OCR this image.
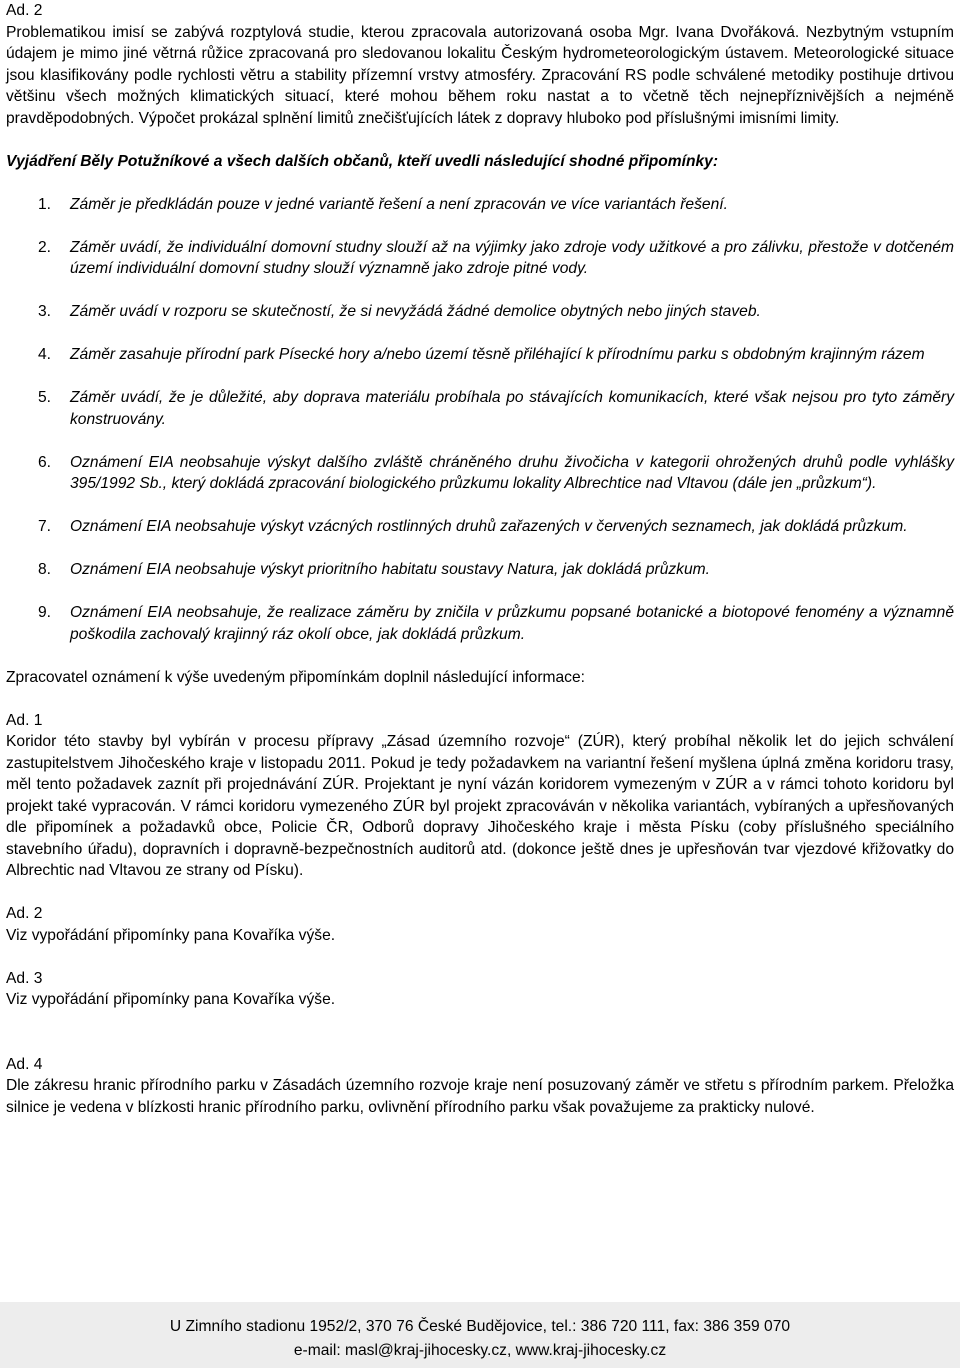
Ad. 2

Problematikou imisí se zabývá rozptylová studie, kterou zpracovala autorizovaná osoba Mgr. Ivana Dvořáková. Nezbytným vstupním údajem je mimo jiné větrná růžice zpracovaná pro sledovanou lokalitu Českým hydrometeorologickým ústavem. Meteorologické situace jsou klasifikovány podle rychlosti větru a stability přízemní vrstvy atmosféry. Zpracování RS podle schválené metodiky postihuje drtivou většinu všech možných klimatických situací, které mohou během roku nastat a to včetně těch nejnepříznivějších a nejméně pravděpodobných. Výpočet prokázal splnění limitů znečišťujících látek z dopravy hluboko pod příslušnými imisními limity.

Vyjádření Běly Potužníkové a všech dalších občanů, kteří uvedli následující shodné připomínky:

1. Záměr je předkládán pouze v jedné variantě řešení a není zpracován ve více variantách řešení.
2. Záměr uvádí, že individuální domovní studny slouží až na výjimky jako zdroje vody užitkové a pro zálivku, přestože v dotčeném území individuální domovní studny slouží významně jako zdroje pitné vody.
3. Záměr uvádí v rozporu se skutečností, že si nevyžádá žádné demolice obytných nebo jiných staveb.
4. Záměr zasahuje přírodní park Písecké hory a/nebo území těsně přiléhající k přírodnímu parku s obdobným krajinným rázem
5. Záměr uvádí, že je důležité, aby doprava materiálu probíhala po stávajících komunikacích, které však nejsou pro tyto záměry konstruovány.
6. Oznámení EIA neobsahuje výskyt dalšího zvláště chráněného druhu živočicha v kategorii ohrožených druhů podle vyhlášky 395/1992 Sb., který dokládá zpracování biologického průzkumu lokality Albrechtice nad Vltavou (dále jen „průzkum“).
7. Oznámení EIA neobsahuje výskyt vzácných rostlinných druhů zařazených v červených seznamech, jak dokládá průzkum.
8. Oznámení EIA neobsahuje výskyt prioritního habitatu soustavy Natura, jak dokládá průzkum.
9. Oznámení EIA neobsahuje, že realizace záměru by zničila v průzkumu popsané botanické a biotopové fenomény a významně poškodila zachovalý krajinný ráz okolí obce, jak dokládá průzkum.

Zpracovatel oznámení k výše uvedeným připomínkám doplnil následující informace:

Ad. 1

Koridor této stavby byl vybírán v procesu přípravy „Zásad územního rozvoje“ (ZÚR), který probíhal několik let do jejich schválení zastupitelstvem Jihočeského kraje v listopadu 2011. Pokud je tedy požadavkem na variantní řešení myšlena úplná změna koridoru trasy, měl tento požadavek zaznít při projednávání ZÚR. Projektant je nyní vázán koridorem vymezeným v ZÚR a v rámci tohoto koridoru byl projekt také vypracován. V rámci koridoru vymezeného ZÚR byl projekt zpracováván v několika variantách, vybíraných a upřesňovaných dle připomínek a požadavků obce, Policie ČR, Odborů dopravy Jihočeského kraje i města Písku (coby příslušného speciálního stavebního úřadu), dopravních i dopravně-bezpečnostních auditorů atd. (dokonce ještě dnes je upřesňován tvar vjezdové křižovatky do Albrechtic nad Vltavou ze strany od Písku).

Ad. 2

Viz vypořádání připomínky pana Kovaříka výše.

Ad. 3

Viz vypořádání připomínky pana Kovaříka výše.

Ad. 4

Dle zákresu hranic přírodního parku v Zásadách územního rozvoje kraje není posuzovaný záměr ve střetu s přírodním parkem. Přeložka silnice je vedena v blízkosti hranic přírodního parku, ovlivnění přírodního parku však považujeme za prakticky nulové.

U Zimního stadionu 1952/2, 370 76 České Budějovice, tel.: 386 720 111, fax: 386 359 070
e-mail: masl@kraj-jihocesky.cz, www.kraj-jihocesky.cz
